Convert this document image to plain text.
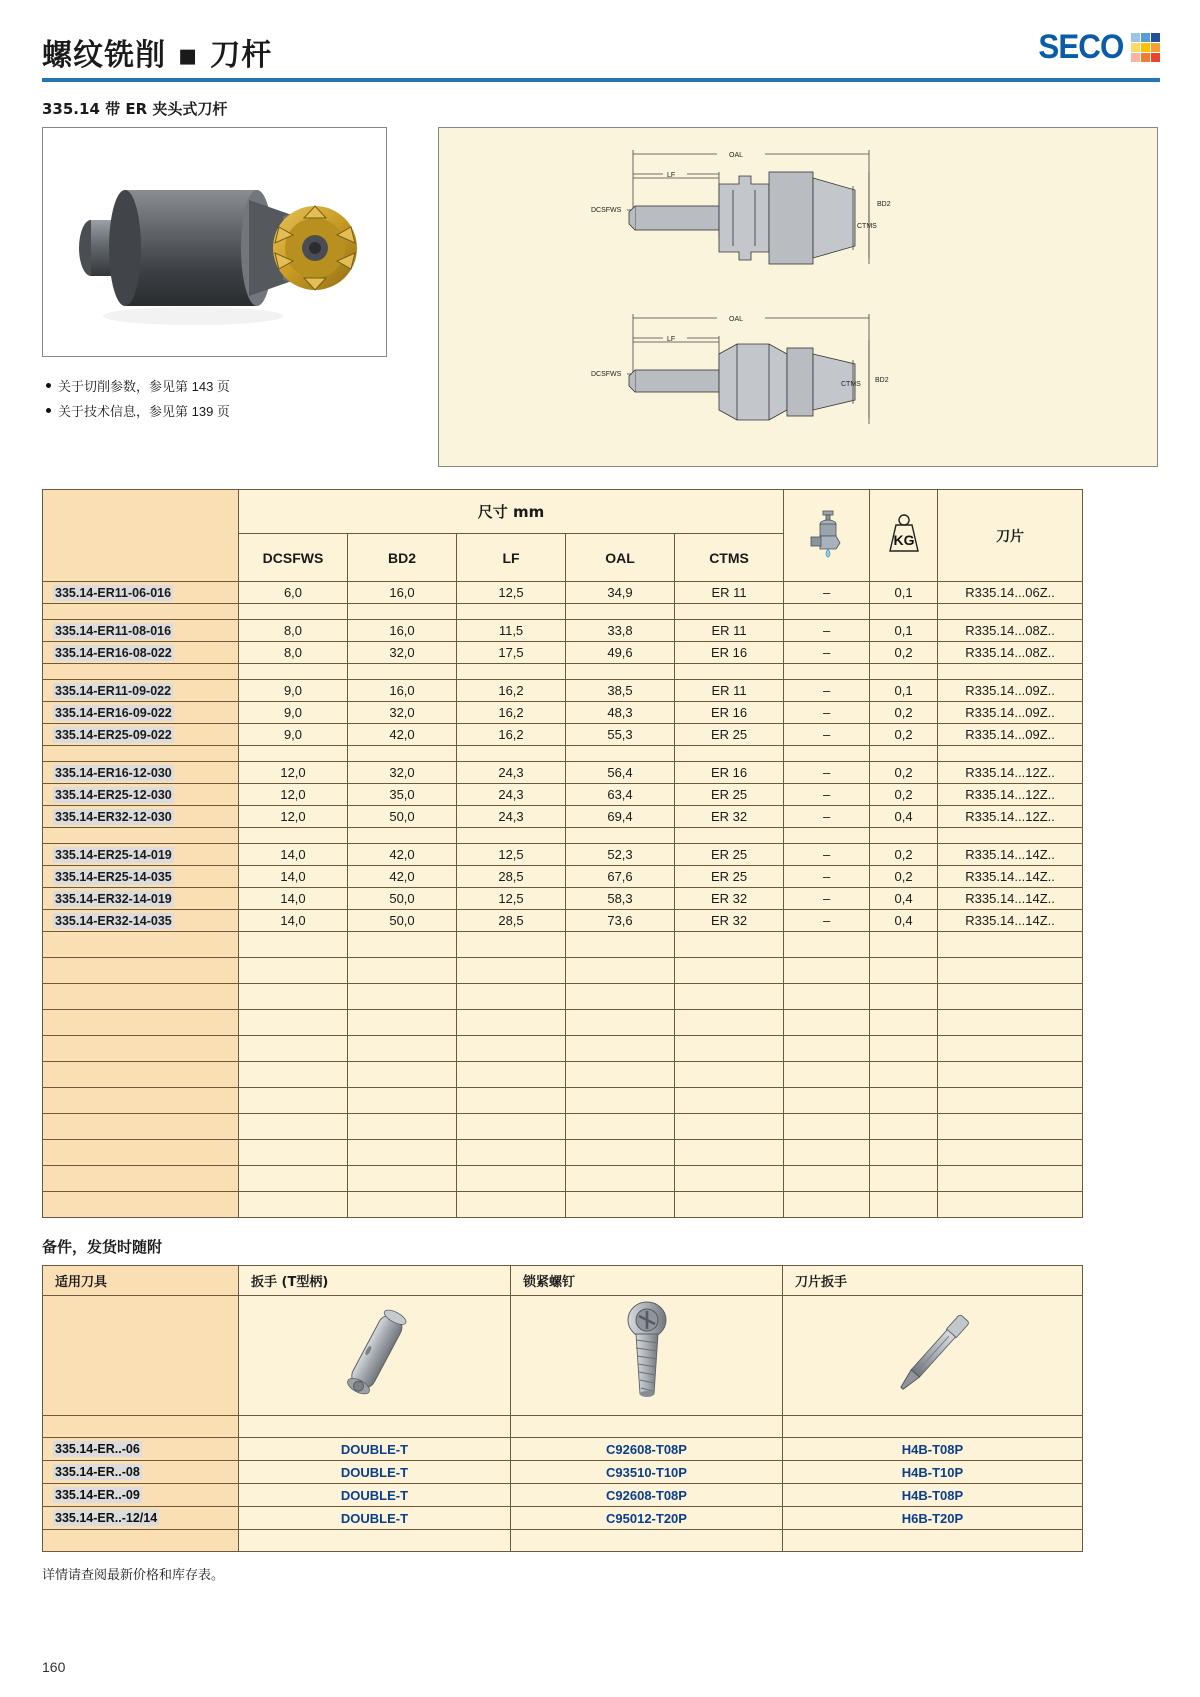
螺纹铣削 ▪ 刀杆	SECO
335.14 带 ER 夹头式刀杆
关于切削参数，参见第 143 页
关于技术信息，参见第 139 页
OAL
LF
DCSFWS
BD2
CTMS
OAL
LF
DCSFWS
BD2
CTMS
	尺寸 mm						KG	刀片
	DCSFWS	BD2	LF	OAL	CTMS			
335.14-ER11-06-016	6,0	16,0	12,5	34,9	ER 11	–	0,1	R335.14...06Z..

335.14-ER11-08-016	8,0	16,0	11,5	33,8	ER 11	–	0,1	R335.14...08Z..
335.14-ER16-08-022	8,0	32,0	17,5	49,6	ER 16	–	0,2	R335.14...08Z..

335.14-ER11-09-022	9,0	16,0	16,2	38,5	ER 11	–	0,1	R335.14...09Z..
335.14-ER16-09-022	9,0	32,0	16,2	48,3	ER 16	–	0,2	R335.14...09Z..
335.14-ER25-09-022	9,0	42,0	16,2	55,3	ER 25	–	0,2	R335.14...09Z..

335.14-ER16-12-030	12,0	32,0	24,3	56,4	ER 16	–	0,2	R335.14...12Z..
335.14-ER25-12-030	12,0	35,0	24,3	63,4	ER 25	–	0,2	R335.14...12Z..
335.14-ER32-12-030	12,0	50,0	24,3	69,4	ER 32	–	0,4	R335.14...12Z..

335.14-ER25-14-019	14,0	42,0	12,5	52,3	ER 25	–	0,2	R335.14...14Z..
335.14-ER25-14-035	14,0	42,0	28,5	67,6	ER 25	–	0,2	R335.14...14Z..
335.14-ER32-14-019	14,0	50,0	12,5	58,3	ER 32	–	0,4	R335.14...14Z..
335.14-ER32-14-035	14,0	50,0	28,5	73,6	ER 32	–	0,4	R335.14...14Z..

备件，发货时随附
适用刀具	扳手 (T型柄)	锁紧螺钉	刀片扳手

335.14-ER..-06	DOUBLE-T	C92608-T08P	H4B-T08P
335.14-ER..-08	DOUBLE-T	C93510-T10P	H4B-T10P
335.14-ER..-09	DOUBLE-T	C92608-T08P	H4B-T08P
335.14-ER..-12/14	DOUBLE-T	C95012-T20P	H6B-T20P

详情请查阅最新价格和库存表。
160
